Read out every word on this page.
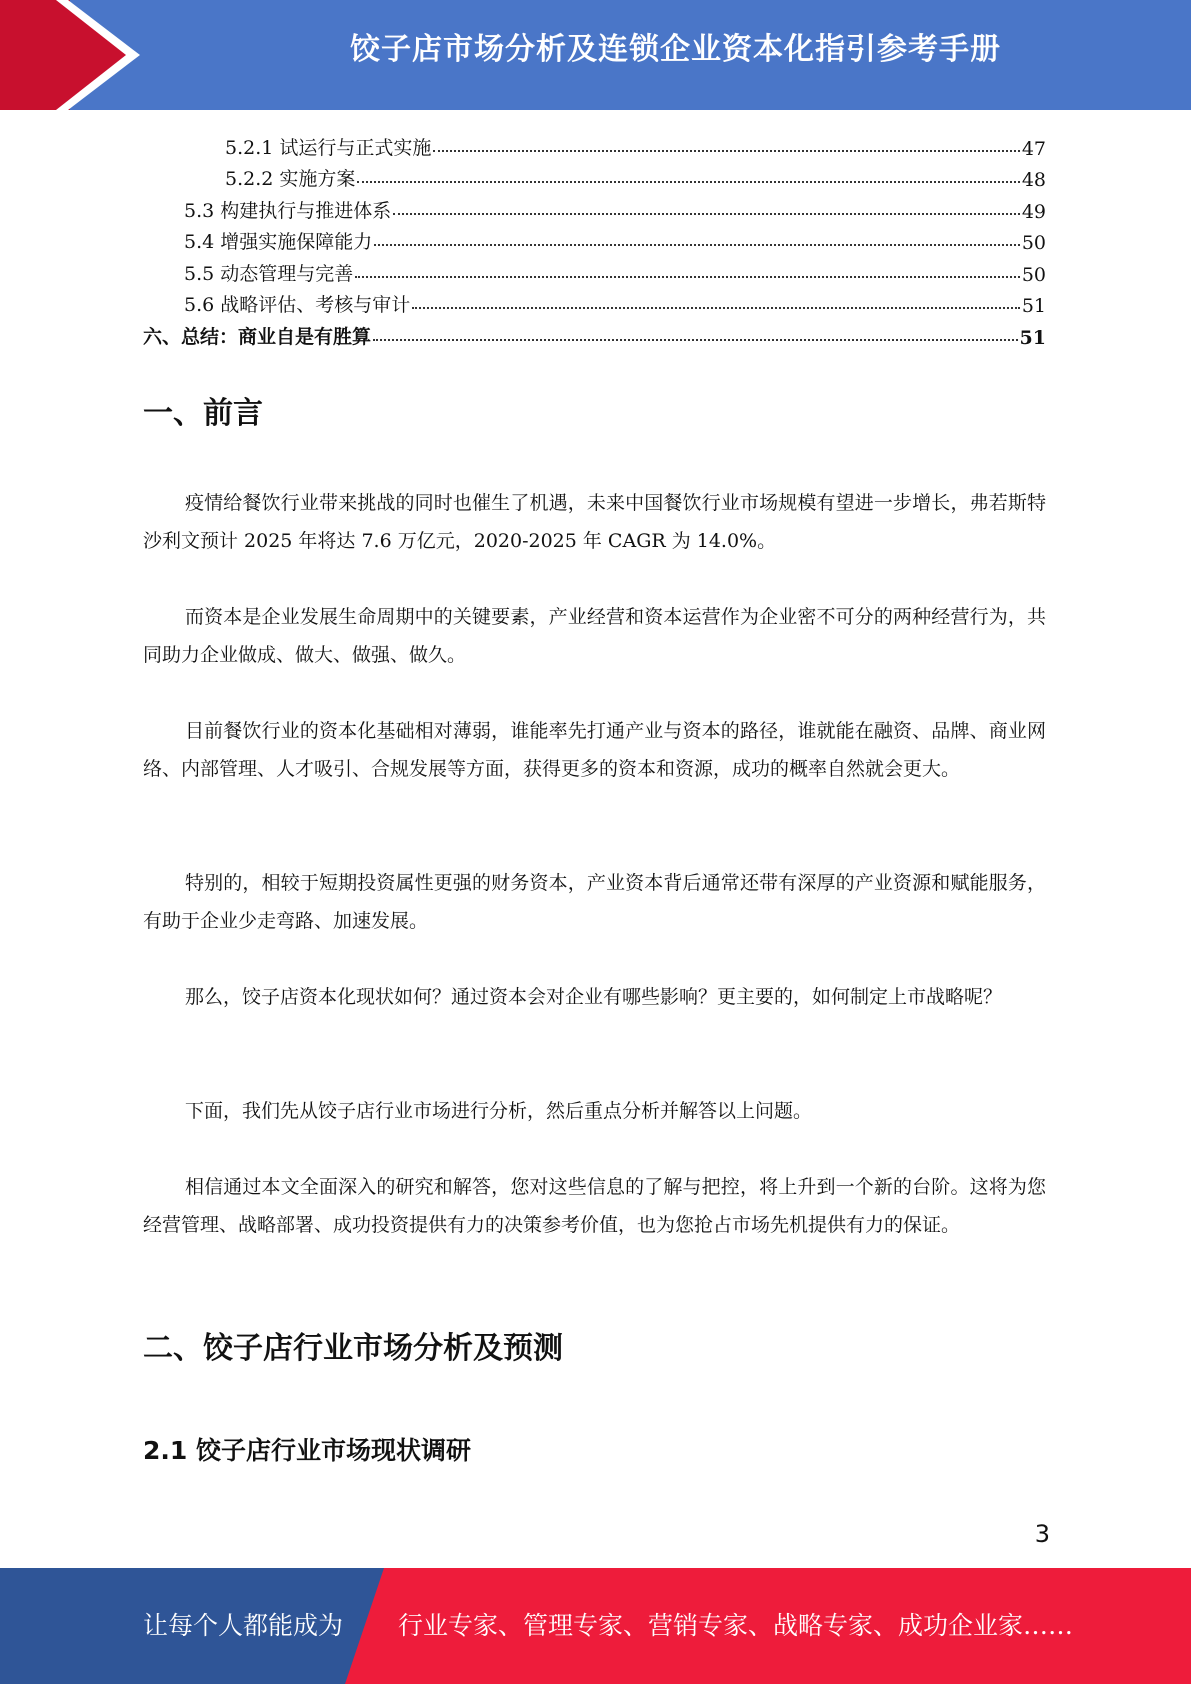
饺子店市场分析及连锁企业资本化指引参考手册
5.2.1 试运行与正式实施	47
5.2.2 实施方案	48
5.3 构建执行与推进体系	49
5.4 增强实施保障能力	50
5.5 动态管理与完善	50
5.6 战略评估、考核与审计	51
六、总结：商业自是有胜算	51
一、前言

疫情给餐饮行业带来挑战的同时也催生了机遇，未来中国餐饮行业市场规模有望进一步增长，弗若斯特沙利文预计 2025 年将达 7.6 万亿元，2020-2025 年 CAGR 为 14.0%。

而资本是企业发展生命周期中的关键要素，产业经营和资本运营作为企业密不可分的两种经营行为，共同助力企业做成、做大、做强、做久。

目前餐饮行业的资本化基础相对薄弱，谁能率先打通产业与资本的路径，谁就能在融资、品牌、商业网络、内部管理、人才吸引、合规发展等方面，获得更多的资本和资源，成功的概率自然就会更大。

特别的，相较于短期投资属性更强的财务资本，产业资本背后通常还带有深厚的产业资源和赋能服务，有助于企业少走弯路、加速发展。

那么，饺子店资本化现状如何？通过资本会对企业有哪些影响？更主要的，如何制定上市战略呢？

下面，我们先从饺子店行业市场进行分析，然后重点分析并解答以上问题。

相信通过本文全面深入的研究和解答，您对这些信息的了解与把控，将上升到一个新的台阶。这将为您经营管理、战略部署、成功投资提供有力的决策参考价值，也为您抢占市场先机提供有力的保证。

二、饺子店行业市场分析及预测
2.1 饺子店行业市场现状调研
3
让每个人都能成为 行业专家、管理专家、营销专家、战略专家、成功企业家……
